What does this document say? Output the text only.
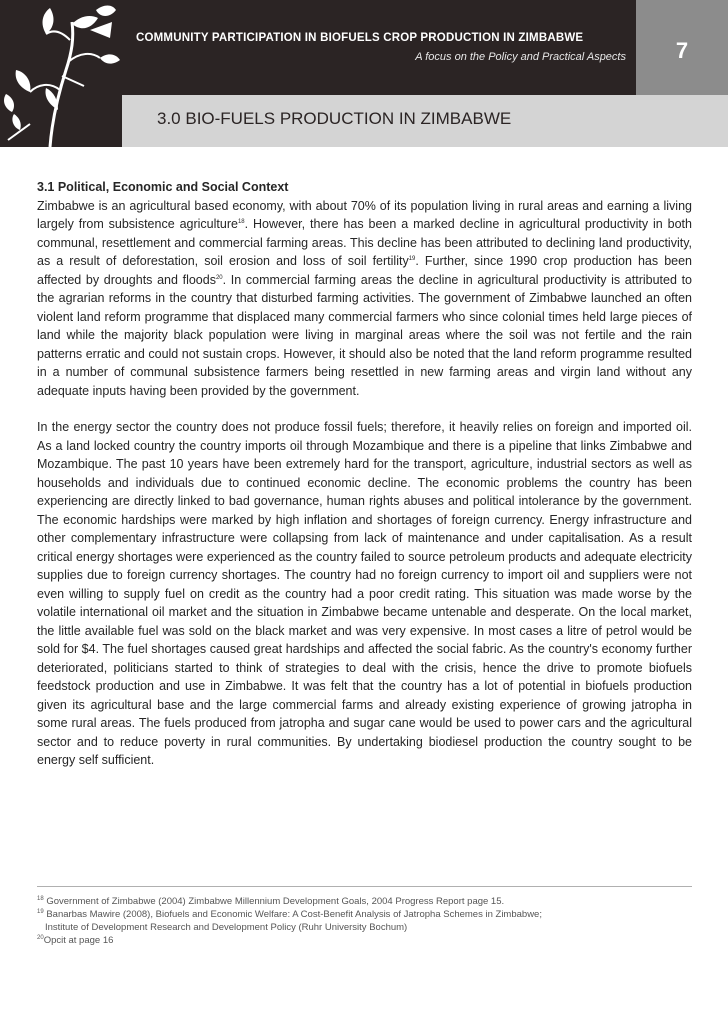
7
COMMUNITY PARTICIPATION IN BIOFUELS CROP PRODUCTION IN ZIMBABWE
A focus on the Policy and Practical Aspects
3.0 BIO-FUELS PRODUCTION IN ZIMBABWE

3.1 Political, Economic and Social Context

Zimbabwe is an agricultural based economy, with about 70% of its population living in rural areas and earning a living largely from subsistence agriculture$^{18}$. However, there has been a marked decline in agricultural productivity in both communal, resettlement and commercial farming areas. This decline has been attributed to declining land productivity, as a result of deforestation, soil erosion and loss of soil fertility$^{19}$. Further, since 1990 crop production has been affected by droughts and floods$^{20}$. In commercial farming areas the decline in agricultural productivity is attributed to the agrarian reforms in the country that disturbed farming activities. The government of Zimbabwe launched an often violent land reform programme that displaced many commercial farmers who since colonial times held large pieces of land while the majority black population were living in marginal areas where the soil was not fertile and the rain patterns erratic and could not sustain crops. However, it should also be noted that the land reform programme resulted in a number of communal subsistence farmers being resettled in new farming areas and virgin land without any adequate inputs having been provided by the government.

In the energy sector the country does not produce fossil fuels; therefore, it heavily relies on foreign and imported oil. As a land locked country the country imports oil through Mozambique and there is a pipeline that links Zimbabwe and Mozambique. The past 10 years have been extremely hard for the transport, agriculture, industrial sectors as well as households and individuals due to continued economic decline. The economic problems the country has been experiencing are directly linked to bad governance, human rights abuses and political intolerance by the government. The economic hardships were marked by high inflation and shortages of foreign currency. Energy infrastructure and other complementary infrastructure were collapsing from lack of maintenance and under capitalisation. As a result critical energy shortages were experienced as the country failed to source petroleum products and adequate electricity supplies due to foreign currency shortages. The country had no foreign currency to import oil and suppliers were not even willing to supply fuel on credit as the country had a poor credit rating. This situation was made worse by the volatile international oil market and the situation in Zimbabwe became untenable and desperate. On the local market, the little available fuel was sold on the black market and was very expensive. In most cases a litre of petrol would be sold for $4. The fuel shortages caused great hardships and affected the social fabric. As the country's economy further deteriorated, politicians started to think of strategies to deal with the crisis, hence the drive to promote biofuels feedstock production and use in Zimbabwe. It was felt that the country has a lot of potential in biofuels production given its agricultural base and the large commercial farms and already existing experience of growing jatropha in some rural areas. The fuels produced from jatropha and sugar cane would be used to power cars and the agricultural sector and to reduce poverty in rural communities. By undertaking biodiesel production the country sought to be energy self sufficient.

$^{18}$ Government of Zimbabwe (2004) Zimbabwe Millennium Development Goals, 2004 Progress Report page 15.
$^{19}$ Banarbas Mawire (2008), Biofuels and Economic Welfare: A Cost-Benefit Analysis of Jatropha Schemes in Zimbabwe;
Institute of Development Research and Development Policy (Ruhr University Bochum)
$^{20}$Opcit at page 16
